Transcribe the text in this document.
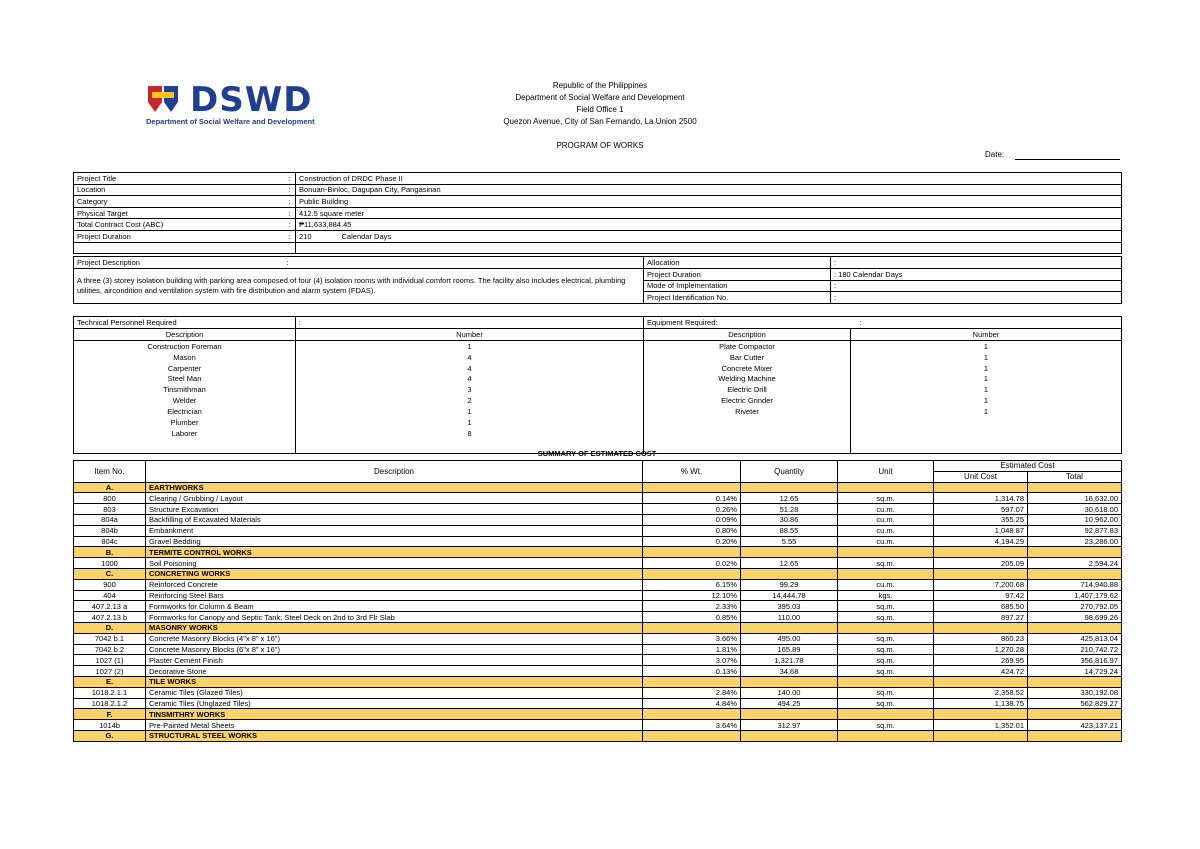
DSWD
Department of Social Welfare and Development
Republic of the Philippines
Department of Social Welfare and Development
Field Office 1
Quezon Avenue, City of San Fernando, La Union 2500
PROGRAM OF WORKS
Date:
Project Title	:	Construction of DRDC Phase II
Location	:	Bonuan-Binloc, Dagupan City, Pangasinan
Category	:	Public Building
Physical Target	:	412.5 square meter
Total Contract Cost (ABC)	:	₱11,633,884.45
Project Duration	:	210 Calendar Days

Project Description	:	Allocation	:
A three (3) storey isolation building with parking area composed of four (4) isolation rooms with individual comfort rooms. The facility also includes electrical, plumbing utilities, aircondition and ventilation system with fire distribution and alarm system (FDAS).		Project Duration	: 180 Calendar Days
		Mode of Implementation	:
		Project Identification No.	:
Technical Personnel Required :		Equipment Required: :	
Description	Number	Description	Number
Construction Foreman	1	Plate Compactor	1
Mason	4	Bar Cutter	1
Carpenter	4	Concrete Mixer	1
Steel Man	4	Welding Machine	1
Tinsmithman	3	Electric Drill	1
Welder	2	Electric Grinder	1
Electrician	1	Riveter	1
Plumber	1		
Laborer	8		

SUMMARY OF ESTIMATED COST
Item No.	Description	% Wt.	Quantity	Unit	Estimated Cost	
					Unit Cost	Total
A.	EARTHWORKS					
800	Clearing / Grubbing / Layout	0.14%	12.65	sq.m.	1,314.78	16,632.00
803	Structure Excavation	0.26%	51.28	cu.m.	597.07	30,618.00
804a	Backfilling of Excavated Materials	0.09%	30.86	cu.m.	355.25	10,962.00
804b	Embankment	0.80%	88.55	cu.m.	1,048.87	92,877.83
804c	Gravel Bedding	0.20%	5.55	cu.m.	4,194.29	23,286.00
B.	TERMITE CONTROL WORKS					
1000	Soil Poisoning	0.02%	12.65	sq.m.	205.09	2,594.24
C.	CONCRETING WORKS					
900	Reinforced Concrete	6.15%	99.29	cu.m.	7,200.68	714,940.88
404	Reinforcing Steel Bars	12.10%	14,444.78	kgs.	97.42	1,407,179.62
407.2.13 a	Formworks for Column & Beam	2.33%	395.03	sq.m.	685.50	270,792.05
407.2.13 b	Formworks for Canopy and Septic Tank; Steel Deck on 2nd to 3rd Flr Slab	0.85%	110.00	sq.m.	897.27	98,699.26
D.	MASONRY WORKS					
7042 b.1	Concrete Masonry Blocks (4"x 8" x 16")	3.66%	495.00	sq.m.	860.23	425,813.04
7042 b.2	Concrete Masonry Blocks (6"x 8" x 16")	1.81%	165.89	sq.m.	1,270.28	210,742.72
1027 (1)	Plaster Cement Finish	3.07%	1,321.78	sq.m.	269.95	356,816.97
1027 (2)	Decorative Stone	0.13%	34.68	sq.m.	424.72	14,729.24
E.	TILE WORKS					
1018.2.1.1	Ceramic Tiles (Glazed Tiles)	2.84%	140.00	sq.m.	2,358.52	330,192.08
1018.2.1.2	Ceramic Tiles (Unglazed Tiles)	4.84%	494.25	sq.m.	1,138.75	562,829.27
F.	TINSMITHRY WORKS					
1014b	Pre-Painted Metal Sheets	3.64%	312.97	sq.m.	1,352.01	423,137.21
G.	STRUCTURAL STEEL WORKS					
